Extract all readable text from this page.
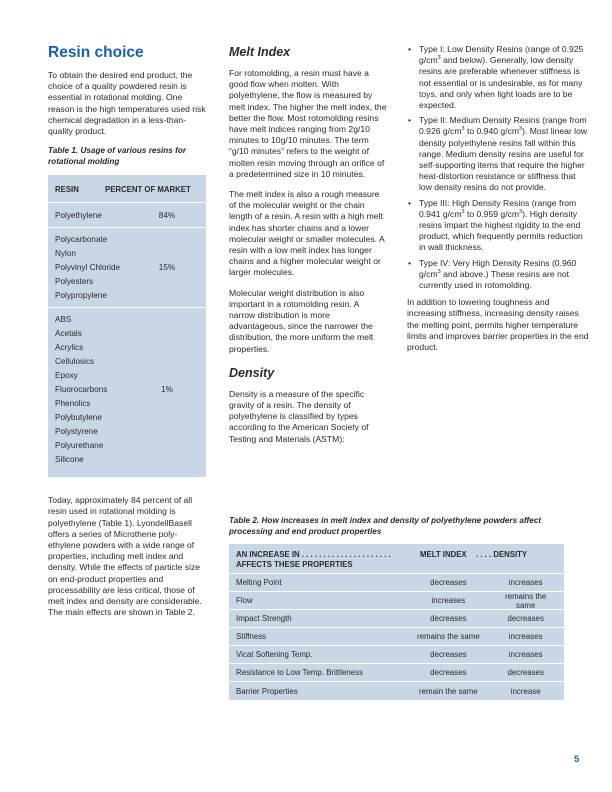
Resin choice

To obtain the desired end product, the choice of a quality powdered resin is essential in rotational molding. One reason is the high temperatures used risk chemical degradation in a less-than-quality product.

Table 1. Usage of various resins for rotational molding
RESIN	PERCENT OF MARKET
Polyethylene	84%
Polycarbonate
Nylon
Polyvinyl Chloride	15%
Polyesters
Polypropylene
ABS
Acetals
Acrylics
Cellulosics
Epoxy
Fluorocarbons	1%
Phenolics
Polybutylene
Polystyrene
Polyurethane
Silicone

Today, approximately 84 percent of all resin used in rotational molding is polyethylene (Table 1). LyondellBasell offers a series of Microthene poly-ethylene powders with a wide range of properties, including melt index and density. While the effects of particle size on end-product properties and processability are less critical, those of melt index and density are considerable. The main effects are shown in Table 2.

Melt Index

For rotomolding, a resin must have a good flow when molten. With polyethylene, the flow is measured by melt index. The higher the melt index, the better the flow. Most rotomolding resins have melt indices ranging from 2g/10 minutes to 10g/10 minutes. The term “g/10 minutes” refers to the weight of molten resin moving through an orifice of a predetermined size in 10 minutes.

The melt index is also a rough measure of the molecular weight or the chain length of a resin. A resin with a high melt index has shorter chains and a lower molecular weight or smaller molecules. A resin with a low melt index has longer chains and a higher molecular weight or larger molecules.

Molecular weight distribution is also important in a rotomolding resin. A narrow distribution is more advantageous, since the narrower the distribution, the more uniform the melt properties.

Density

Density is a measure of the specific gravity of a resin. The density of polyethylene is classified by types according to the American Society of Testing and Materials (ASTM):

• Type I: Low Density Resins (range of 0.925 $g/cm^3$ and below). Generally, low density resins are preferable whenever stiffness is not essential or is undesirable, as for many toys, and only when light loads are to be expected.
• Type II: Medium Density Resins (range from 0.926 $g/cm^3$ to 0.940 $g/cm^3$). Most linear low density polyethylene resins fall within this range. Medium density resins are useful for self-supporting items that require the higher heat-distortion resistance or stiffness that low density resins do not provide.
• Type III: High Density Resins (range from 0.941 $g/cm^3$ to 0.959 $g/cm^3$). High density resins impart the highest rigidity to the end product, which frequently permits reduction in wall thickness.
• Type IV: Very High Density Resins (0.960 $g/cm^3$ and above.) These resins are not currently used in rotomolding.

In addition to lowering toughness and increasing stiffness, increasing density raises the melting point, permits higher temperature limits and improves barrier properties in the end product.

Table 2. How increases in melt index and density of polyethylene powders affect processing and end product properties
AN INCREASE IN . . . . . . . . . . . . . . . . . . . . . AFFECTS THESE PROPERTIES
MELT INDEX	. . . . DENSITY
Melting Point	decreases	increases
Flow	increases	remains the same
Impact Strength	decreases	decreases
Stiffness	remains the same	increases
Vicat Softening Temp.	decreases	increases
Resistance to Low Temp. Brittleness	decreases	decreases
Barrier Properties	remain the same	increase
5
